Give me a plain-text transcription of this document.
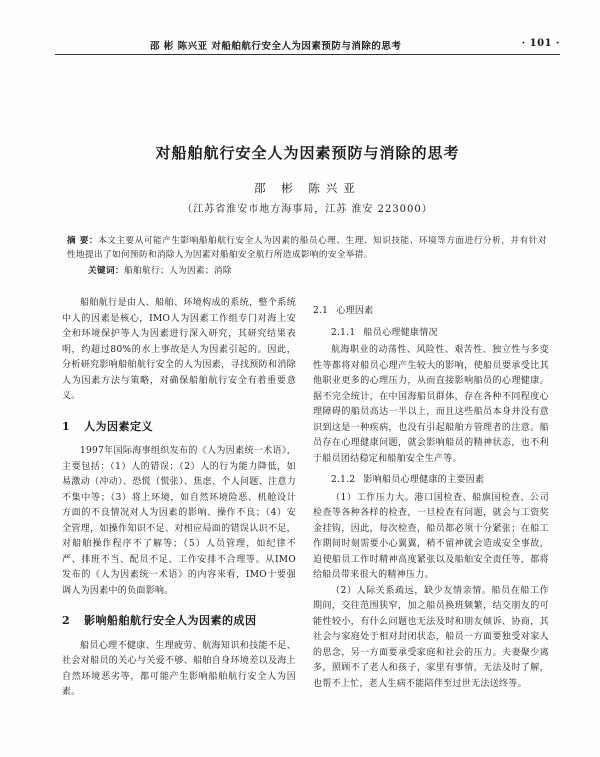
邵 彬 陈兴亚 对船舶航行安全人为因素预防与消除的思考	· 101 ·
对船舶航行安全人为因素预防与消除的思考
邵 彬 陈兴亚
（江苏省淮安市地方海事局，江苏 淮安 223000）
摘 要：本文主要从可能产生影响船舶航行安全人为因素的船员心理、生理、知识技能、环境等方面进行分析，并有针对性地提出了如何预防和消除人为因素对船舶安全航行所造成影响的安全举措。
关键词：船舶航行；人为因素；消除

船舶航行是由人、船舶、环境构成的系统，整个系统中人的因素是核心，IMO人为因素工作组专门对海上安全和环境保护等人为因素进行深入研究，其研究结果表明，约超过80%的水上事故是人为因素引起的。因此，分析研究影响船舶航行安全的人为因素，寻找预防和消除人为因素方法与策略，对确保船舶航行安全有着重要意义。

1 人为因素定义

1997年国际海事组织发布的《人为因素统一术语》，主要包括：（1）人的错误；（2）人的行为能力降低，如易激动（冲动）、恐慌（慌张）、焦虑、个人问题、注意力不集中等；（3）将上环境，如自然环境险恶、机舱设计方面的不良情况对人为因素的影响、操作不良；（4）安全管理，如操作知识不足、对相应局面的错误认识不足，对船舶操作程序不了解等；（5）人员管理，如纪律不严、排班不当、配员不足、工作安排不合理等。从IMO发布的《人为因素统一术语》的内容来看，IMO十要强调人为因素中的负面影响。

2 影响船舶航行安全人为因素的成因

船员心理不健康、生理疲劳、航海知识和技能不足、社会对船员的关心与关爱不够、船舶自身环境差以及海上自然环境恶劣等，都可能产生影响船舶航行安全人为因素。

2.1 心理因素
2.1.1 船员心理健康情况

航海职业的动荡性、风险性、艰苦性、独立性与多变性等都将对船员心理产生较大的影响，使船员要承受比其他职业更多的心理压力，从而直接影响船员的心理健康。据不完全统计，在中国海船员群体，存在各种不同程度心理障碍的船员高达一半以上，而且这些船员本身并没有意识到这是一种疾病，也没有引起船舶方管理者的注意。船员存在心理健康问题，就会影响船员的精神状态，也不利于船员团结稳定和船舶安全生产等。

2.1.2 影响船员心理健康的主要因素

（1）工作压力大。港口国检查、船旗国检查、公司检查等各种各样的检查，一旦检查有问题，就会与工资奖金挂钩，因此，每次检查，船员都必须十分紧张；在船工作期间时刻需要小心翼翼，稍不留神就会造成安全事故，迫使船员工作时精神高度紧张以及船舶安全责任等，都将给船员带来很大的精神压力。

（2）人际关系疏远，缺少友情亲情。船员在船工作期间，交往范围狭窄，加之船员换班频繁，结交朋友的可能性较小，有什么问题也无法及时和朋友倾诉、协商，其社会与家庭处于相对封闭状态，船员一方面要独受对家人的思念，另一方面要承受家庭和社会的压力。夫妻聚少离多，照顾不了老人和孩子，家里有事情，无法及时了解，也帮不上忙，老人生病不能陪伴至过世无法送终等。
